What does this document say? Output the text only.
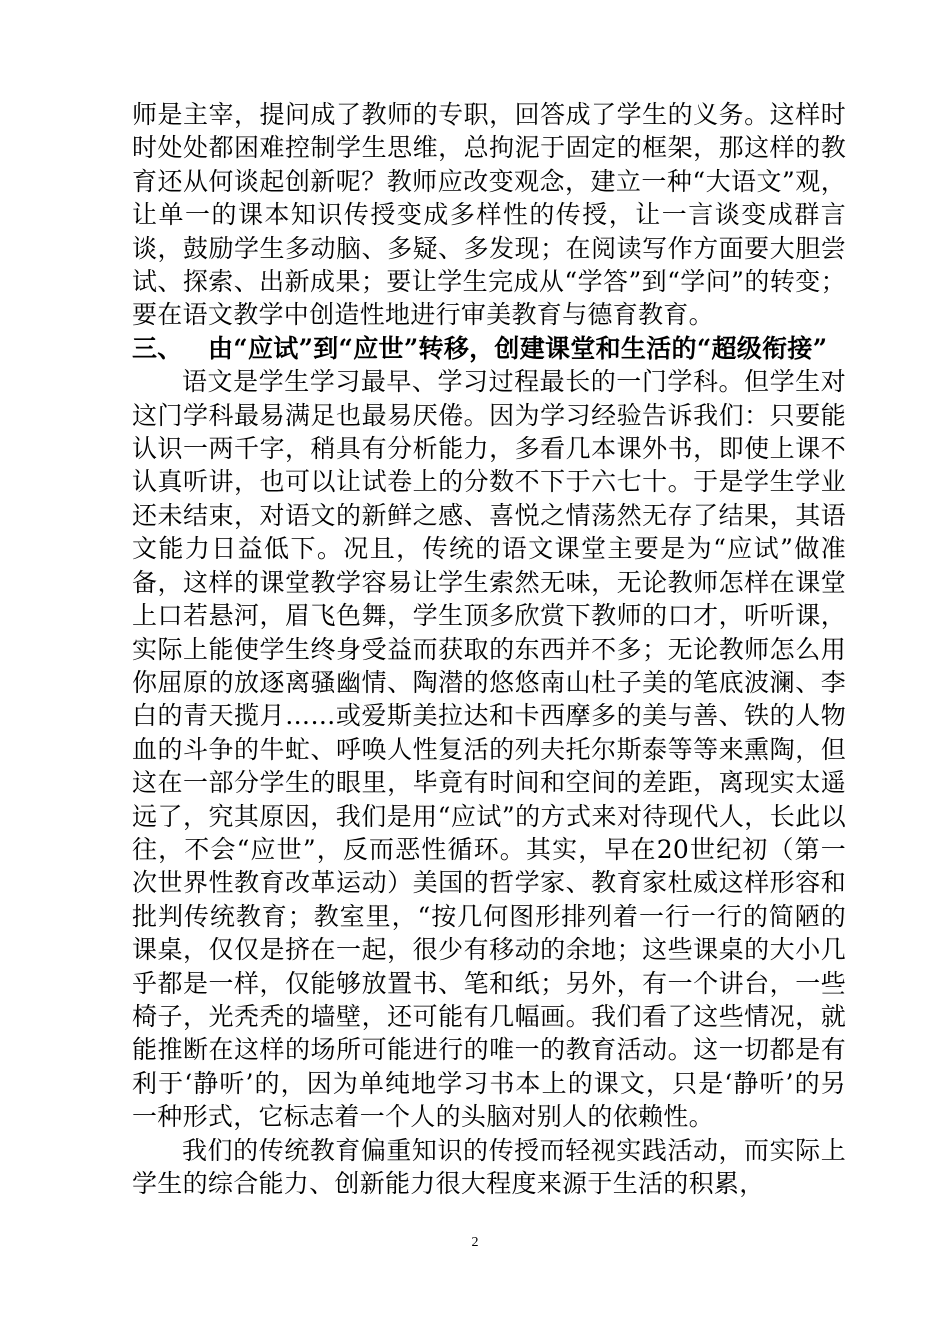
师是主宰，提问成了教师的专职，回答成了学生的义务。这样时时处处都困难控制学生思维，总拘泥于固定的框架，那这样的教育还从何谈起创新呢？教师应改变观念，建立一种“大语文”观，让单一的课本知识传授变成多样性的传授，让一言谈变成群言谈，鼓励学生多动脑、多疑、多发现；在阅读写作方面要大胆尝试、探索、出新成果；要让学生完成从“学答”到“学问”的转变；要在语文教学中创造性地进行审美教育与德育教育。

三、 由“应试”到“应世”转移，创建课堂和生活的“超级衔接”

语文是学生学习最早、学习过程最长的一门学科。但学生对这门学科最易满足也最易厌倦。因为学习经验告诉我们：只要能认识一两千字，稍具有分析能力，多看几本课外书，即使上课不认真听讲，也可以让试卷上的分数不下于六七十。于是学生学业还未结束，对语文的新鲜之感、喜悦之情荡然无存了结果，其语文能力日益低下。况且，传统的语文课堂主要是为“应试”做准备，这样的课堂教学容易让学生索然无味，无论教师怎样在课堂上口若悬河，眉飞色舞，学生顶多欣赏下教师的口才，听听课，实际上能使学生终身受益而获取的东西并不多；无论教师怎么用你屈原的放逐离骚幽情、陶潜的悠悠南山杜子美的笔底波澜、李白的青天揽月……或爱斯美拉达和卡西摩多的美与善、铁的人物血的斗争的牛虻、呼唤人性复活的列夫托尔斯泰等等来熏陶，但这在一部分学生的眼里，毕竟有时间和空间的差距，离现实太遥远了，究其原因，我们是用“应试”的方式来对待现代人，长此以往，不会“应世”，反而恶性循环。其实，早在20世纪初（第一次世界性教育改革运动）美国的哲学家、教育家杜威这样形容和批判传统教育；教室里，“按几何图形排列着一行一行的简陋的课桌，仅仅是挤在一起，很少有移动的余地；这些课桌的大小几乎都是一样，仅能够放置书、笔和纸；另外，有一个讲台，一些椅子，光秃秃的墙壁，还可能有几幅画。我们看了这些情况，就能推断在这样的场所可能进行的唯一的教育活动。这一切都是有利于‘静听’的，因为单纯地学习书本上的课文，只是‘静听’的另一种形式，它标志着一个人的头脑对别人的依赖性。

我们的传统教育偏重知识的传授而轻视实践活动，而实际上学生的综合能力、创新能力很大程度来源于生活的积累，

2
